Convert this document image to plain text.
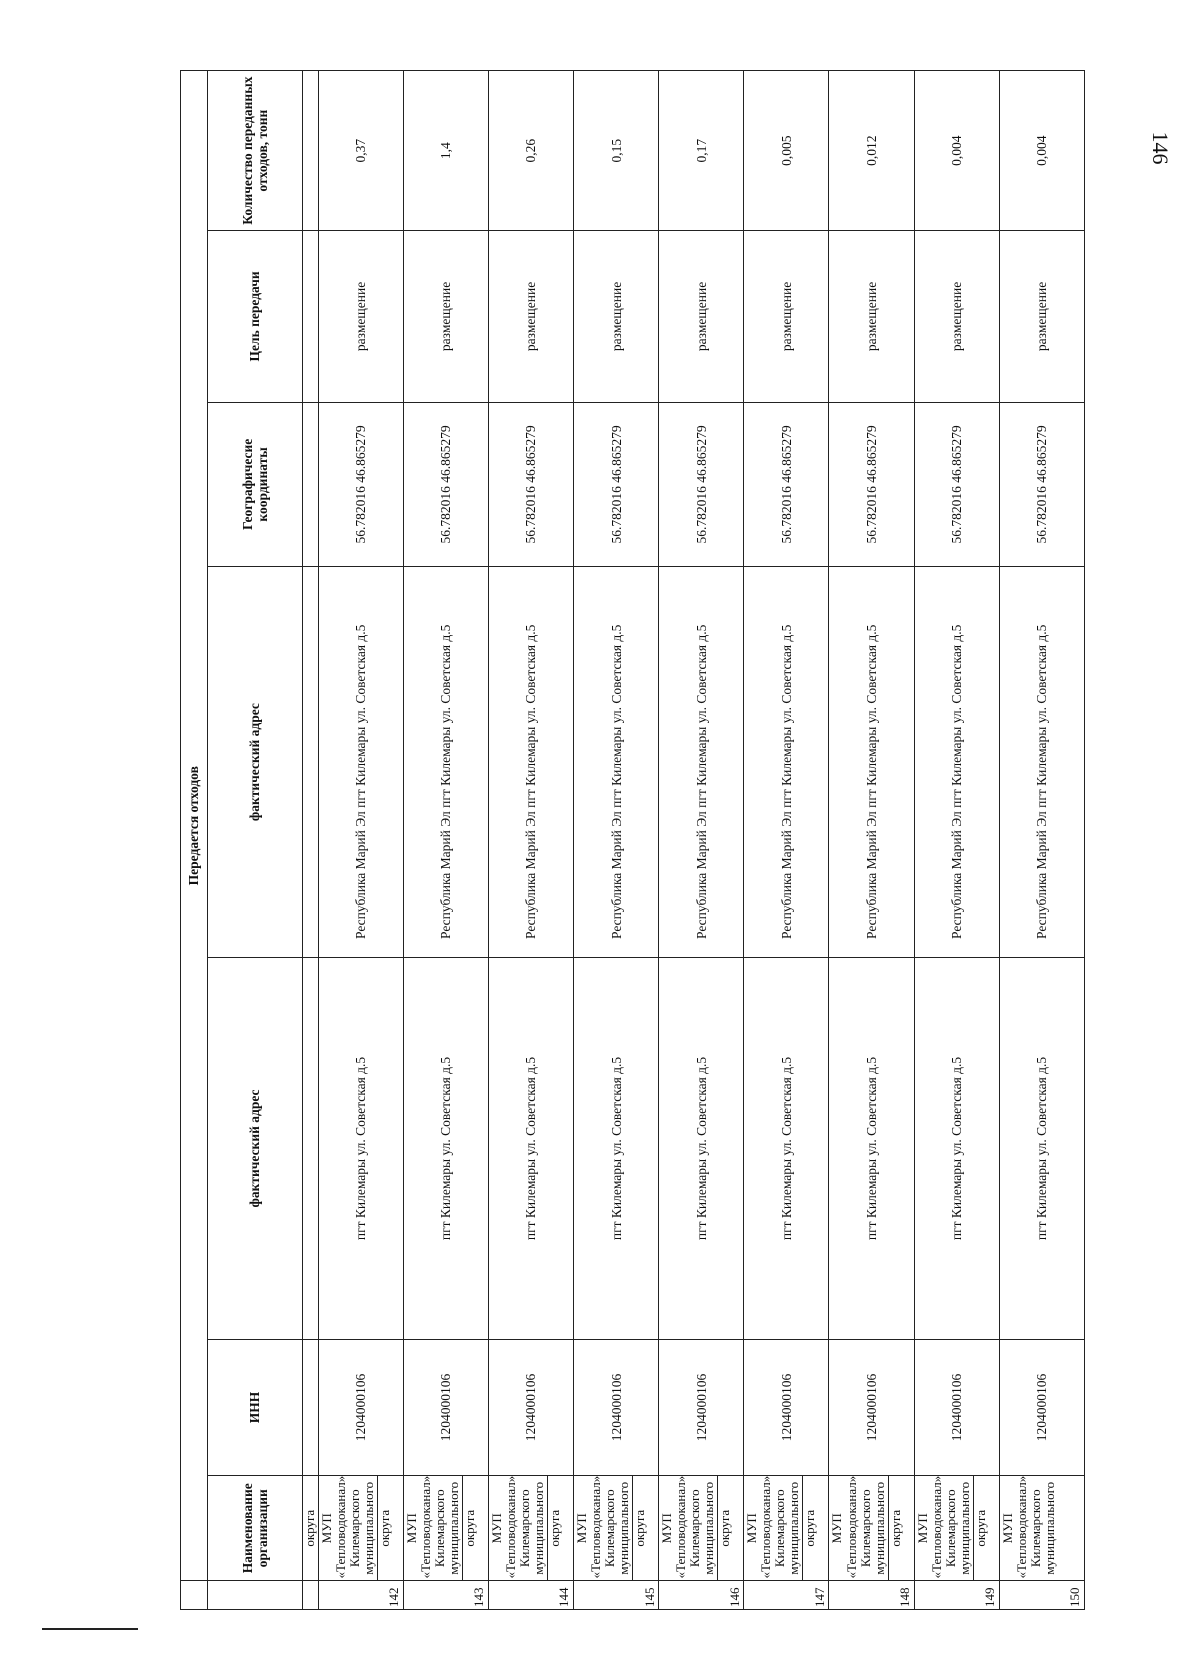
146
	Передается отходов						
	Наименование организации	ИНН	фактический адрес	фактический адрес	Географичесие координаты	Цель передачи	Количество переданных отходов, тонн
	округа						
142	МУП «Тепловодоканал» Килемарского муниципального округа	1204000106	пгт Килемары ул. Советская д.5	Республика Марий Эл пгт Килемары ул. Советская д.5	56.782016 46.865279	размещение	0,37
143	МУП «Тепловодоканал» Килемарского муниципального округа	1204000106	пгт Килемары ул. Советская д.5	Республика Марий Эл пгт Килемары ул. Советская д.5	56.782016 46.865279	размещение	1,4
144	МУП «Тепловодоканал» Килемарского муниципального округа	1204000106	пгт Килемары ул. Советская д.5	Республика Марий Эл пгт Килемары ул. Советская д.5	56.782016 46.865279	размещение	0,26
145	МУП «Тепловодоканал» Килемарского муниципального округа	1204000106	пгт Килемары ул. Советская д.5	Республика Марий Эл пгт Килемары ул. Советская д.5	56.782016 46.865279	размещение	0,15
146	МУП «Тепловодоканал» Килемарского муниципального округа	1204000106	пгт Килемары ул. Советская д.5	Республика Марий Эл пгт Килемары ул. Советская д.5	56.782016 46.865279	размещение	0,17
147	МУП «Тепловодоканал» Килемарского муниципального округа	1204000106	пгт Килемары ул. Советская д.5	Республика Марий Эл пгт Килемары ул. Советская д.5	56.782016 46.865279	размещение	0,005
148	МУП «Тепловодоканал» Килемарского муниципального округа	1204000106	пгт Килемары ул. Советская д.5	Республика Марий Эл пгт Килемары ул. Советская д.5	56.782016 46.865279	размещение	0,012
149	МУП «Тепловодоканал» Килемарского муниципального округа	1204000106	пгт Килемары ул. Советская д.5	Республика Марий Эл пгт Килемары ул. Советская д.5	56.782016 46.865279	размещение	0,004
150	МУП «Тепловодоканал» Килемарского муниципального	1204000106	пгт Килемары ул. Советская д.5	Республика Марий Эл пгт Килемары ул. Советская д.5	56.782016 46.865279	размещение	0,004
